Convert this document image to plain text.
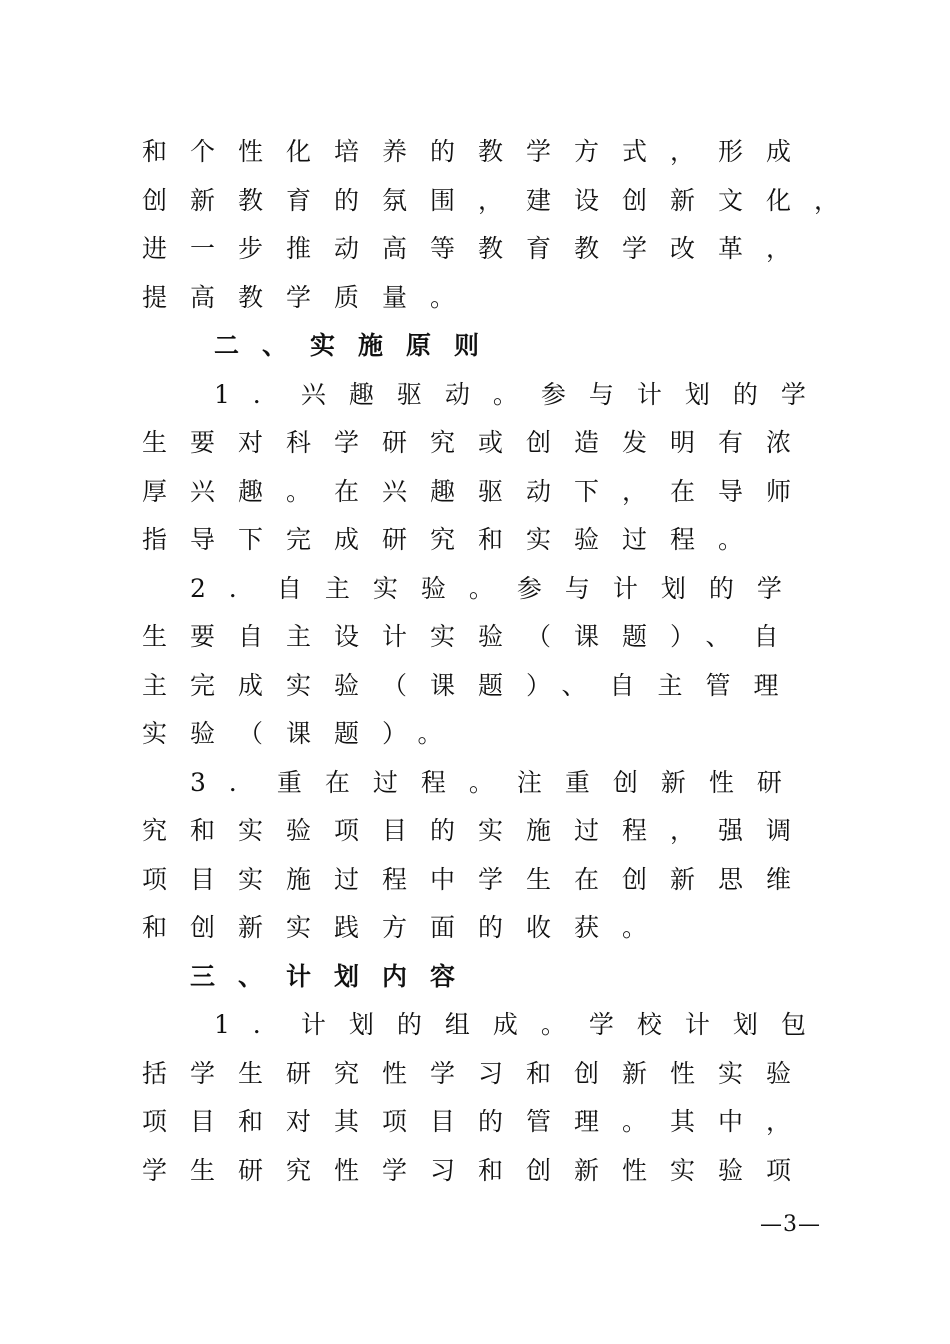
和个性化培养的教学方式，形成
创新教育的氛围，建设创新文化，
进一步推动高等教育教学改革，
提高教学质量。
二、实施原则
1．兴趣驱动。参与计划的学
生要对科学研究或创造发明有浓
厚兴趣。在兴趣驱动下，在导师
指导下完成研究和实验过程。
2．自主实验。参与计划的学
生要自主设计实验（课题）、自
主完成实验（课题）、自主管理
实验（课题）。
3．重在过程。注重创新性研
究和实验项目的实施过程，强调
项目实施过程中学生在创新思维
和创新实践方面的收获。
三、计划内容
1．计划的组成。学校计划包
括学生研究性学习和创新性实验
项目和对其项目的管理。其中，
学生研究性学习和创新性实验项
—3—
